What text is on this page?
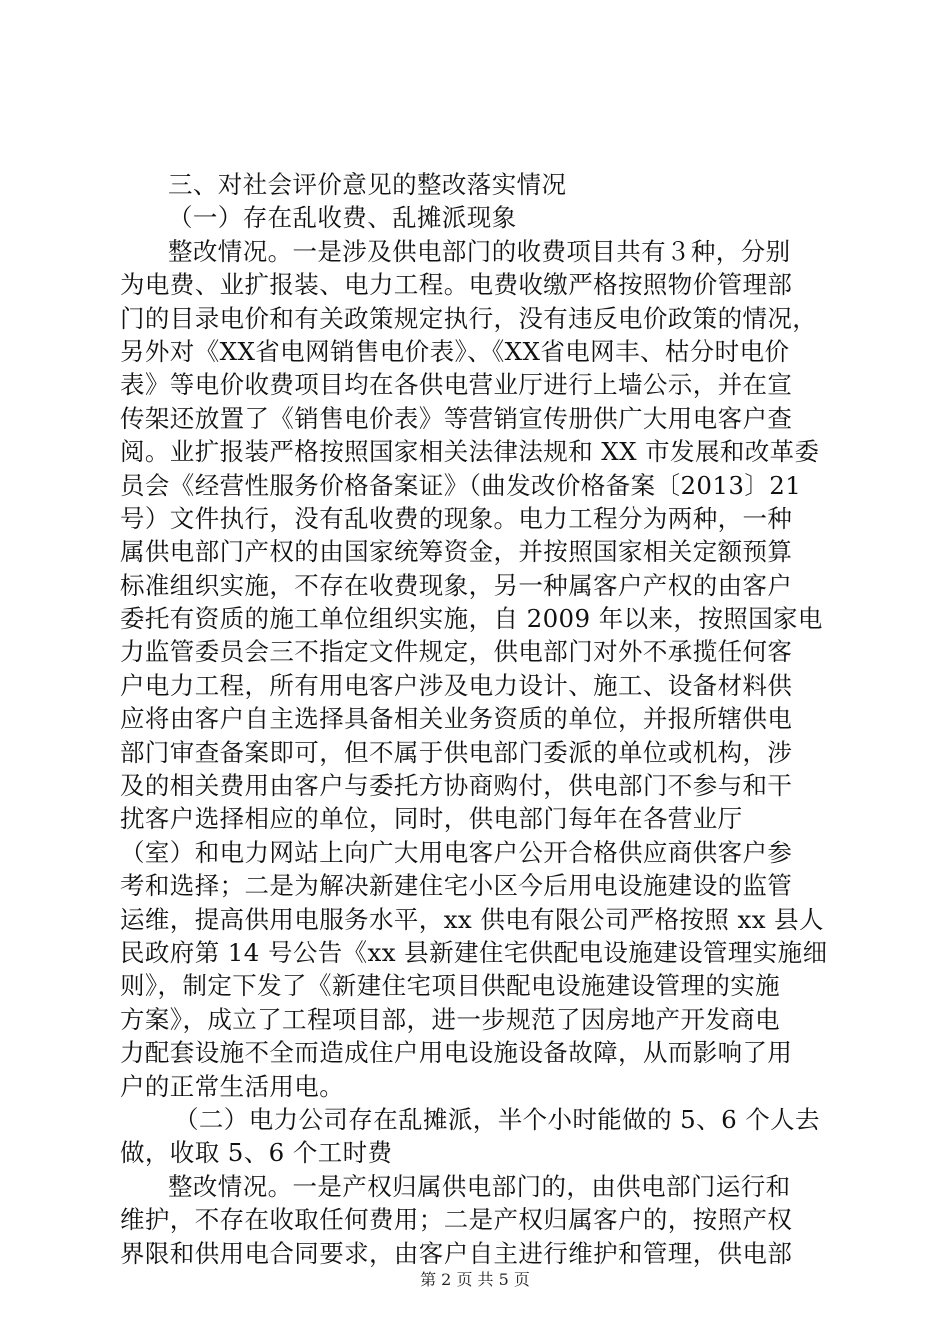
三、对社会评价意见的整改落实情况
（一）存在乱收费、乱摊派现象
整改情况。一是涉及供电部门的收费项目共有３种，分别
为电费、业扩报装、电力工程。电费收缴严格按照物价管理部
门的目录电价和有关政策规定执行，没有违反电价政策的情况，
另外对《XX省电网销售电价表》、《XX省电网丰、枯分时电价
表》等电价收费项目均在各供电营业厅进行上墙公示，并在宣
传架还放置了《销售电价表》等营销宣传册供广大用电客户查
阅。业扩报装严格按照国家相关法律法规和 XX 市发展和改革委
员会《经营性服务价格备案证》（曲发改价格备案〔2013〕21
号）文件执行，没有乱收费的现象。电力工程分为两种，一种
属供电部门产权的由国家统筹资金，并按照国家相关定额预算
标准组织实施，不存在收费现象，另一种属客户产权的由客户
委托有资质的施工单位组织实施，自 2009 年以来，按照国家电
力监管委员会三不指定文件规定，供电部门对外不承揽任何客
户电力工程，所有用电客户涉及电力设计、施工、设备材料供
应将由客户自主选择具备相关业务资质的单位，并报所辖供电
部门审查备案即可，但不属于供电部门委派的单位或机构，涉
及的相关费用由客户与委托方协商购付，供电部门不参与和干
扰客户选择相应的单位，同时，供电部门每年在各营业厅
（室）和电力网站上向广大用电客户公开合格供应商供客户参
考和选择；二是为解决新建住宅小区今后用电设施建设的监管
运维，提高供用电服务水平，xx 供电有限公司严格按照 xx 县人
民政府第 14 号公告《xx 县新建住宅供配电设施建设管理实施细
则》，制定下发了《新建住宅项目供配电设施建设管理的实施
方案》，成立了工程项目部，进一步规范了因房地产开发商电
力配套设施不全而造成住户用电设施设备故障，从而影响了用
户的正常生活用电。
（二）电力公司存在乱摊派，半个小时能做的 5、6 个人去
做，收取 5、6 个工时费
整改情况。一是产权归属供电部门的，由供电部门运行和
维护，不存在收取任何费用；二是产权归属客户的，按照产权
界限和供用电合同要求，由客户自主进行维护和管理，供电部
第 2 页 共 5 页
